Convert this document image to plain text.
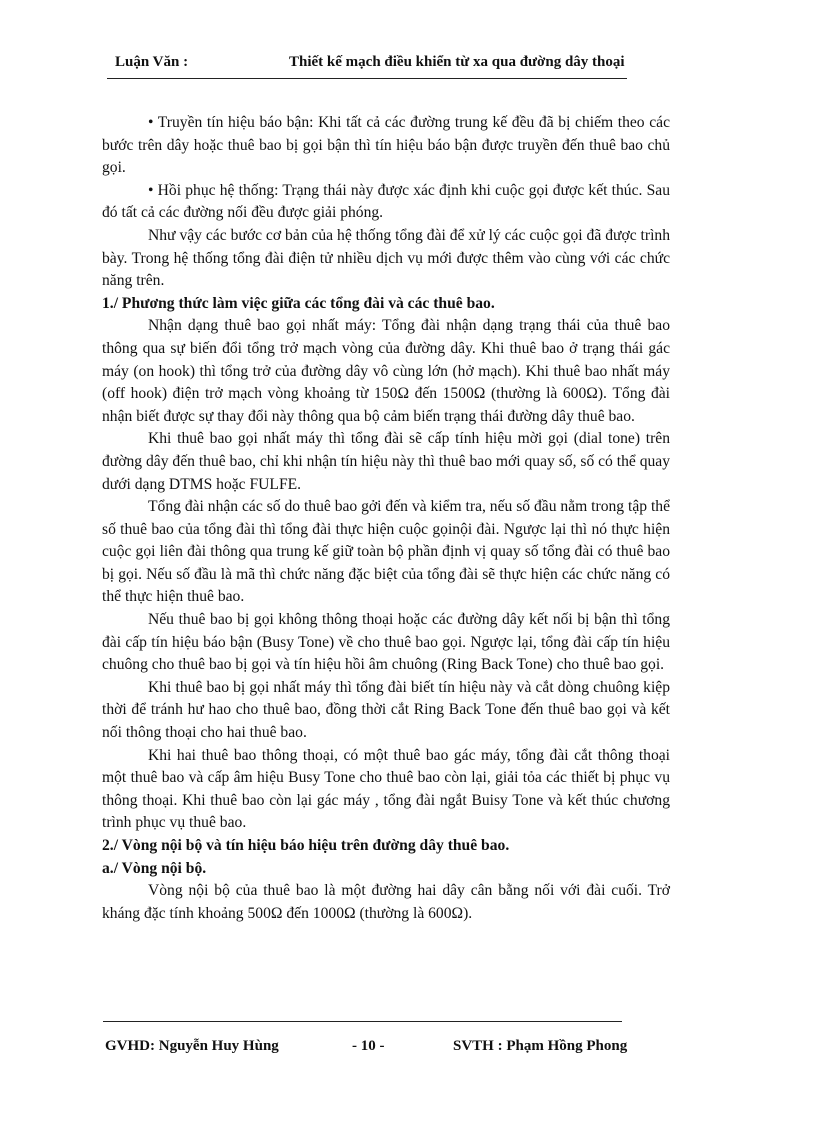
Luận Văn :	Thiết kế mạch điều khiển từ xa qua đường dây thoại

• Truyền tín hiệu báo bận: Khi tất cả các đường trung kế đều đã bị chiếm theo các bước trên dây hoặc thuê bao bị gọi bận thì tín hiệu báo bận được truyền đến thuê bao chủ gọi.

• Hồi phục hệ thống: Trạng thái này được xác định khi cuộc gọi được kết thúc. Sau đó tất cả các đường nối đều được giải phóng.

Như vậy các bước cơ bản của hệ thống tổng đài để xử lý các cuộc gọi đã được trình bày. Trong hệ thống tổng đài điện tử nhiều dịch vụ mới được thêm vào cùng với các chức năng trên.

1./ Phương thức làm việc giữa các tổng đài và các thuê bao.

Nhận dạng thuê bao gọi nhất máy: Tổng đài nhận dạng trạng thái của thuê bao thông qua sự biến đổi tổng trở mạch vòng của đường dây. Khi thuê bao ở trạng thái gác máy (on hook) thì tổng trở của đường dây vô cùng lớn (hở mạch). Khi thuê bao nhất máy (off hook) điện trở mạch vòng khoảng từ 150Ω đến 1500Ω (thường là 600Ω). Tổng đài nhận biết được sự thay đổi này thông qua bộ cảm biến trạng thái đường dây thuê bao.

Khi thuê bao gọi nhất máy thì tổng đài sẽ cấp tính hiệu mời gọi (dial tone) trên đường dây đến thuê bao, chỉ khi nhận tín hiệu này thì thuê bao mới quay số, số có thể quay dưới dạng DTMS hoặc FULFE.

Tổng đài nhận các số do thuê bao gởi đến và kiểm tra, nếu số đầu nằm trong tập thể số thuê bao của tổng đài thì tổng đài thực hiện cuộc gọinội đài. Ngược lại thì nó thực hiện cuộc gọi liên đài thông qua trung kế giữ toàn bộ phần định vị quay số tổng đài có thuê bao bị gọi. Nếu số đầu là mã thì chức năng đặc biệt của tổng đài sẽ thực hiện các chức năng có thể thực hiện thuê bao.

Nếu thuê bao bị gọi không thông thoại hoặc các đường dây kết nối bị bận thì tổng đài cấp tín hiệu báo bận (Busy Tone) về cho thuê bao gọi. Ngược lại, tổng đài cấp tín hiệu chuông cho thuê bao bị gọi và tín hiệu hồi âm chuông (Ring Back Tone) cho thuê bao gọi.

Khi thuê bao bị gọi nhất máy thì tổng đài biết tín hiệu này và cắt dòng chuông kiệp thời để tránh hư hao cho thuê bao, đồng thời cắt Ring Back Tone đến thuê bao gọi và kết nối thông thoại cho hai thuê bao.

Khi hai thuê bao thông thoại, có một thuê bao gác máy, tổng đài cắt thông thoại một thuê bao và cấp âm hiệu Busy Tone cho thuê bao còn lại, giải tỏa các thiết bị phục vụ thông thoại. Khi thuê bao còn lại gác máy , tổng đài ngắt Buisy Tone và kết thúc chương trình phục vụ thuê bao.

2./ Vòng nội bộ và tín hiệu báo hiệu trên đường dây thuê bao.
a./ Vòng nội bộ.

Vòng nội bộ của thuê bao là một đường hai dây cân bằng nối với đài cuối. Trở kháng đặc tính khoảng 500Ω đến 1000Ω (thường là 600Ω).

GVHD: Nguyễn Huy Hùng	- 10 -	SVTH : Phạm Hồng Phong
